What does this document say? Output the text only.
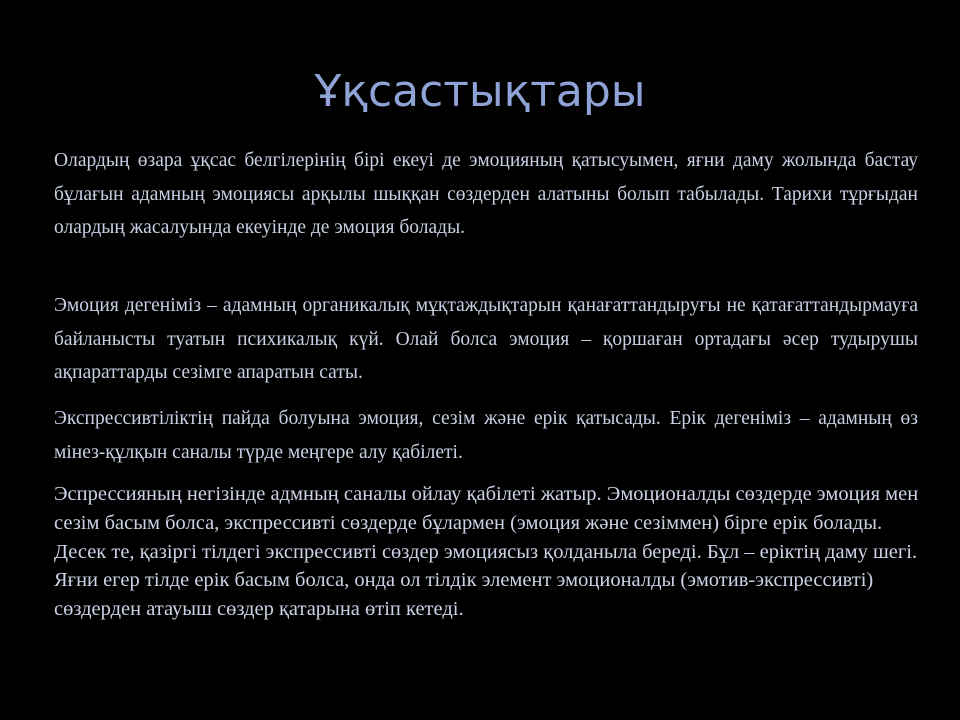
Ұқсастықтары

Олардың өзара ұқсас белгілерінің бірі екеуі де эмоцияның қатысуымен, яғни даму жолында бастау бұлағын адамның эмоциясы арқылы шыққан сөздерден алатыны болып табылады. Тарихи тұрғыдан олардың жасалуында екеуінде де эмоция болады.

Эмоция дегеніміз – адамның органикалық мұқтаждықтарын қанағаттандыруғы не қатағаттандырмауға байланысты туатын психикалық күй. Олай болса эмоция – қоршаған ортадағы әсер тудырушы ақпараттарды сезімге апаратын саты.

Экспрессивтіліктің пайда болуына эмоция, сезім және ерік қатысады. Ерік дегеніміз – адамның өз мінез-құлқын саналы түрде меңгере алу қабілеті.

Эспрессияның негізінде адмның саналы ойлау қабілеті жатыр. Эмоционалды сөздерде эмоция мен сезім басым болса, экспрессивті сөздерде бұлармен (эмоция және сезіммен) бірге ерік болады. Десек те, қазіргі тілдегі экспрессивті сөздер эмоциясыз қолданыла береді. Бұл – еріктің даму шегі. Яғни егер тілде ерік басым болса, онда ол тілдік элемент эмоционалды (эмотив-экспрессивті) сөздерден атауыш сөздер қатарына өтіп кетеді.
